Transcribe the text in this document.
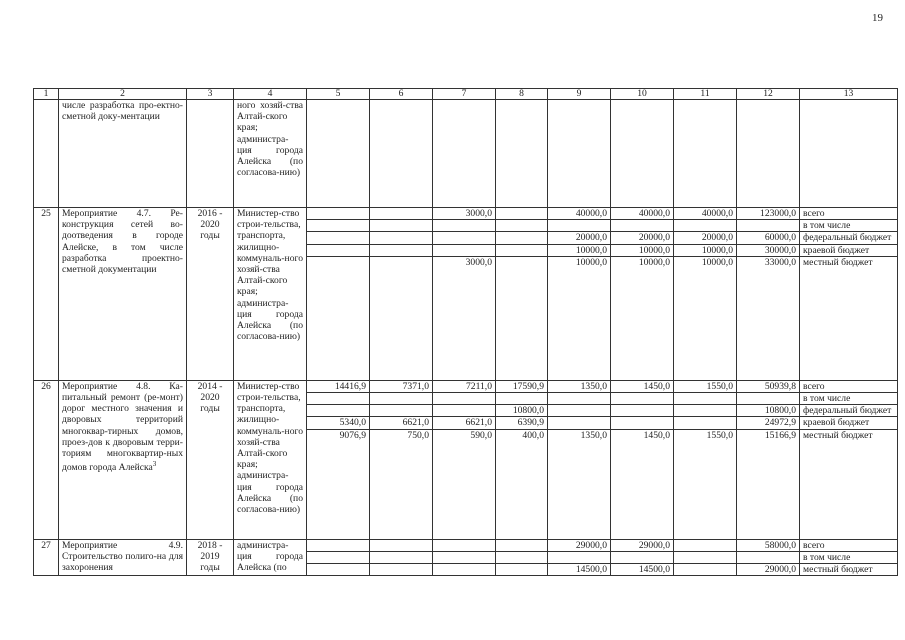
19
1	2	3	4	5	6	7	8	9	10	11	12	13
	числе разработка про-ектно-сметной доку-ментации		ного хозяй-ства Алтай-ского края; администра-ция города Алейска (по согласова-нию)									
25	Мероприятие 4.7. Ре-конструкция сетей во-доотведения в городе Алейске, в том числе разработка проектно-сметной документации	2016 - 2020 годы	Министер-ство строи-тельства, транспорта, жилищно-коммуналь-ного хозяй-ства Алтай-ского края; администра-ция города Алейска (по согласова-нию)			3000,0		40000,0	40000,0	40000,0	123000,0	всего
												в том числе
								20000,0	20000,0	20000,0	60000,0	федеральный бюджет
								10000,0	10000,0	10000,0	30000,0	краевой бюджет
						3000,0		10000,0	10000,0	10000,0	33000,0	местный бюджет
26	Мероприятие 4.8. Ка-питальный ремонт (ре-монт) дорог местного значения и дворовых территорий многоквар-тирных домов, проез-дов к дворовым терри-ториям многоквартир-ных домов города Алейска$^3$	2014 - 2020 годы	Министер-ство строи-тельства, транспорта, жилищно-коммуналь-ного хозяй-ства Алтай-ского края; администра-ция города Алейска (по согласова-нию)	14416,9	7371,0	7211,0	17590,9	1350,0	1450,0	1550,0	50939,8	всего
												в том числе
							10800,0				10800,0	федеральный бюджет
				5340,0	6621,0	6621,0	6390,9				24972,9	краевой бюджет
				9076,9	750,0	590,0	400,0	1350,0	1450,0	1550,0	15166,9	местный бюджет
27	Мероприятие 4.9. Строительство полиго-на для захоронения	2018 - 2019 годы	администра-ция города Алейска (по					29000,0	29000,0		58000,0	всего
												в том числе
								14500,0	14500,0		29000,0	местный бюджет
